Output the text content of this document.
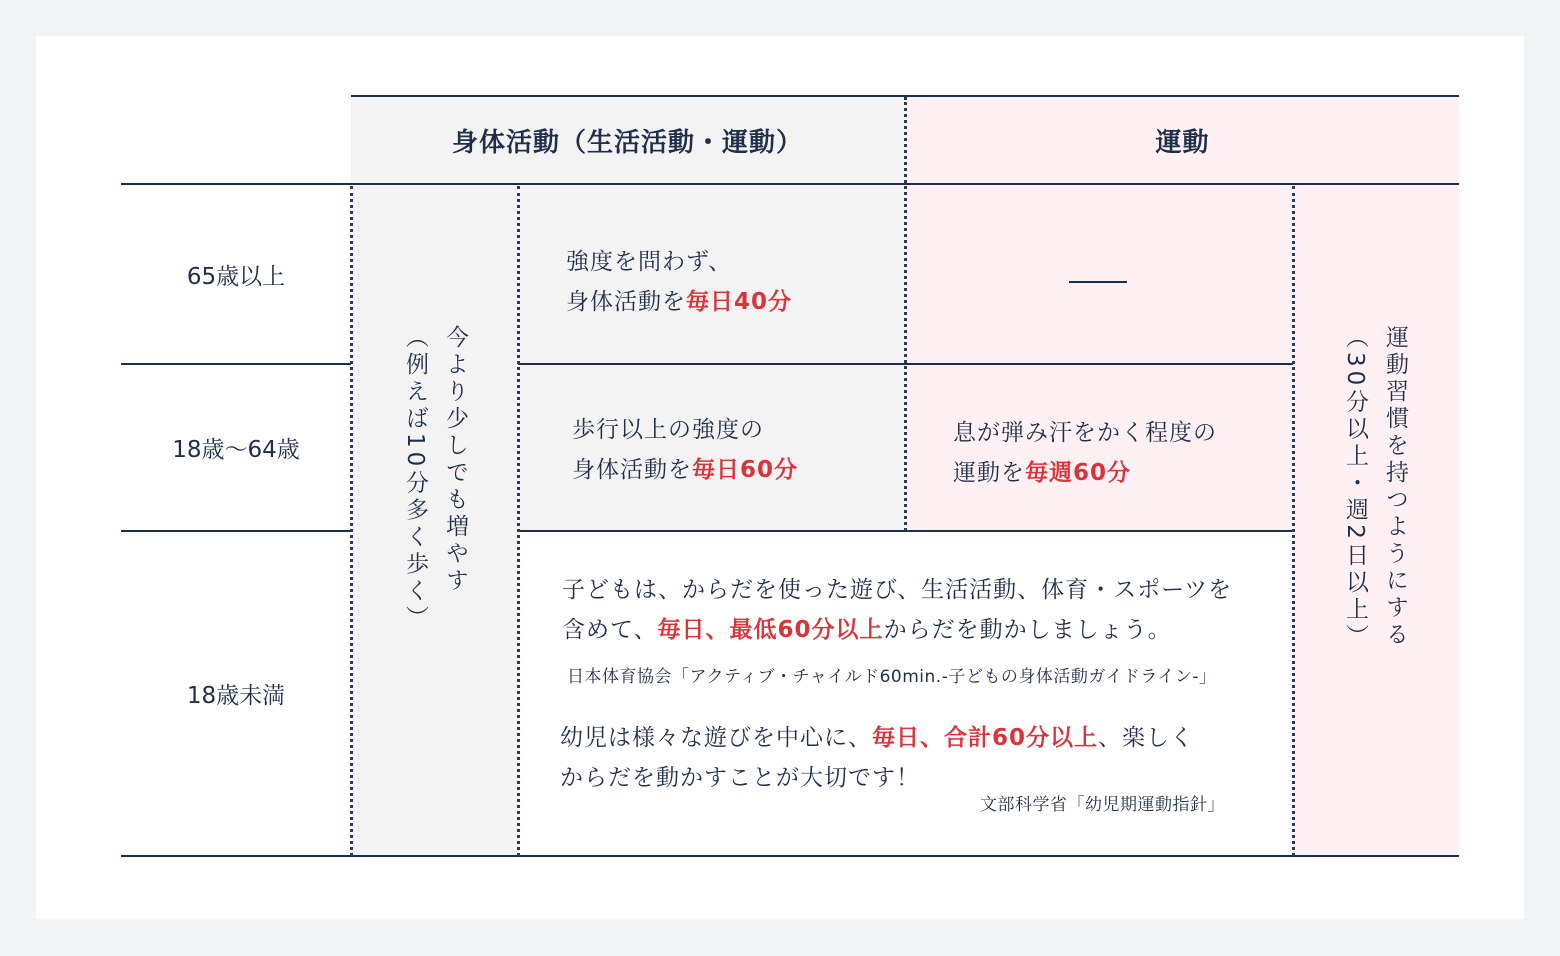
身体活動（生活活動・運動）	運動
65歳以上
18歳〜64歳
18歳未満
今より少しでも増やす
（例えば10分多く歩く）
強度を問わず、
身体活動を毎日40分
歩行以上の強度の
身体活動を毎日60分
息が弾み汗をかく程度の
運動を毎週60分	運動習慣を持つようにする
（30分以上・週2日以上）
子どもは、からだを使った遊び、生活活動、体育・スポーツを
含めて、毎日、最低60分以上からだを動かしましょう。
日本体育協会「アクティブ・チャイルド60min.-子どもの身体活動ガイドライン-」
幼児は様々な遊びを中心に、毎日、合計60分以上、楽しく
からだを動かすことが大切です！
文部科学省「幼児期運動指針」
